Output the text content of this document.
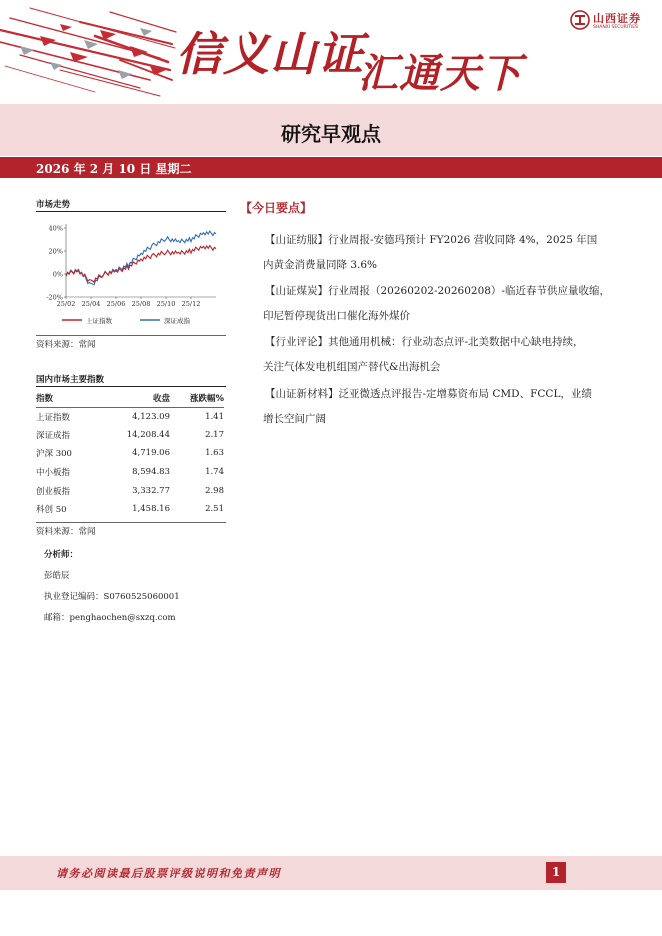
信义山证
汇通天下
山西证券
SHANXI SECURITIES
研究早观点
2026 年 2 月 10 日 星期二
市场走势
40%
20%
0%
-20%
25/02 25/04 25/06 25/08 25/10 25/12
上证指数	深证成指
资料来源：常闻
国内市场主要指数
指数	收盘	涨跌幅%
上证指数	4,123.09	1.41
深证成指	14,208.44	2.17
沪深 300	4,719.06	1.63
中小板指	8,594.83	1.74
创业板指	3,332.77	2.98
科创 50	1,458.16	2.51
资料来源：常闻
分析师：
彭皓辰
执业登记编码：S0760525060001
邮箱：penghaochen@sxzq.com
【今日要点】
【山证纺服】行业周报-安德玛预计 FY2026 营收同降 4%，2025 年国
内黄金消费量同降 3.6%
【山证煤炭】行业周报（20260202-20260208）-临近春节供应量收缩，
印尼暂停现货出口催化海外煤价
【行业评论】其他通用机械：行业动态点评-北美数据中心缺电持续，
关注气体发电机组国产替代&出海机会
【山证新材料】泛亚微透点评报告-定增募资布局 CMD、FCCL，业绩
增长空间广阔
请务必阅读最后股票评级说明和免责声明	1
